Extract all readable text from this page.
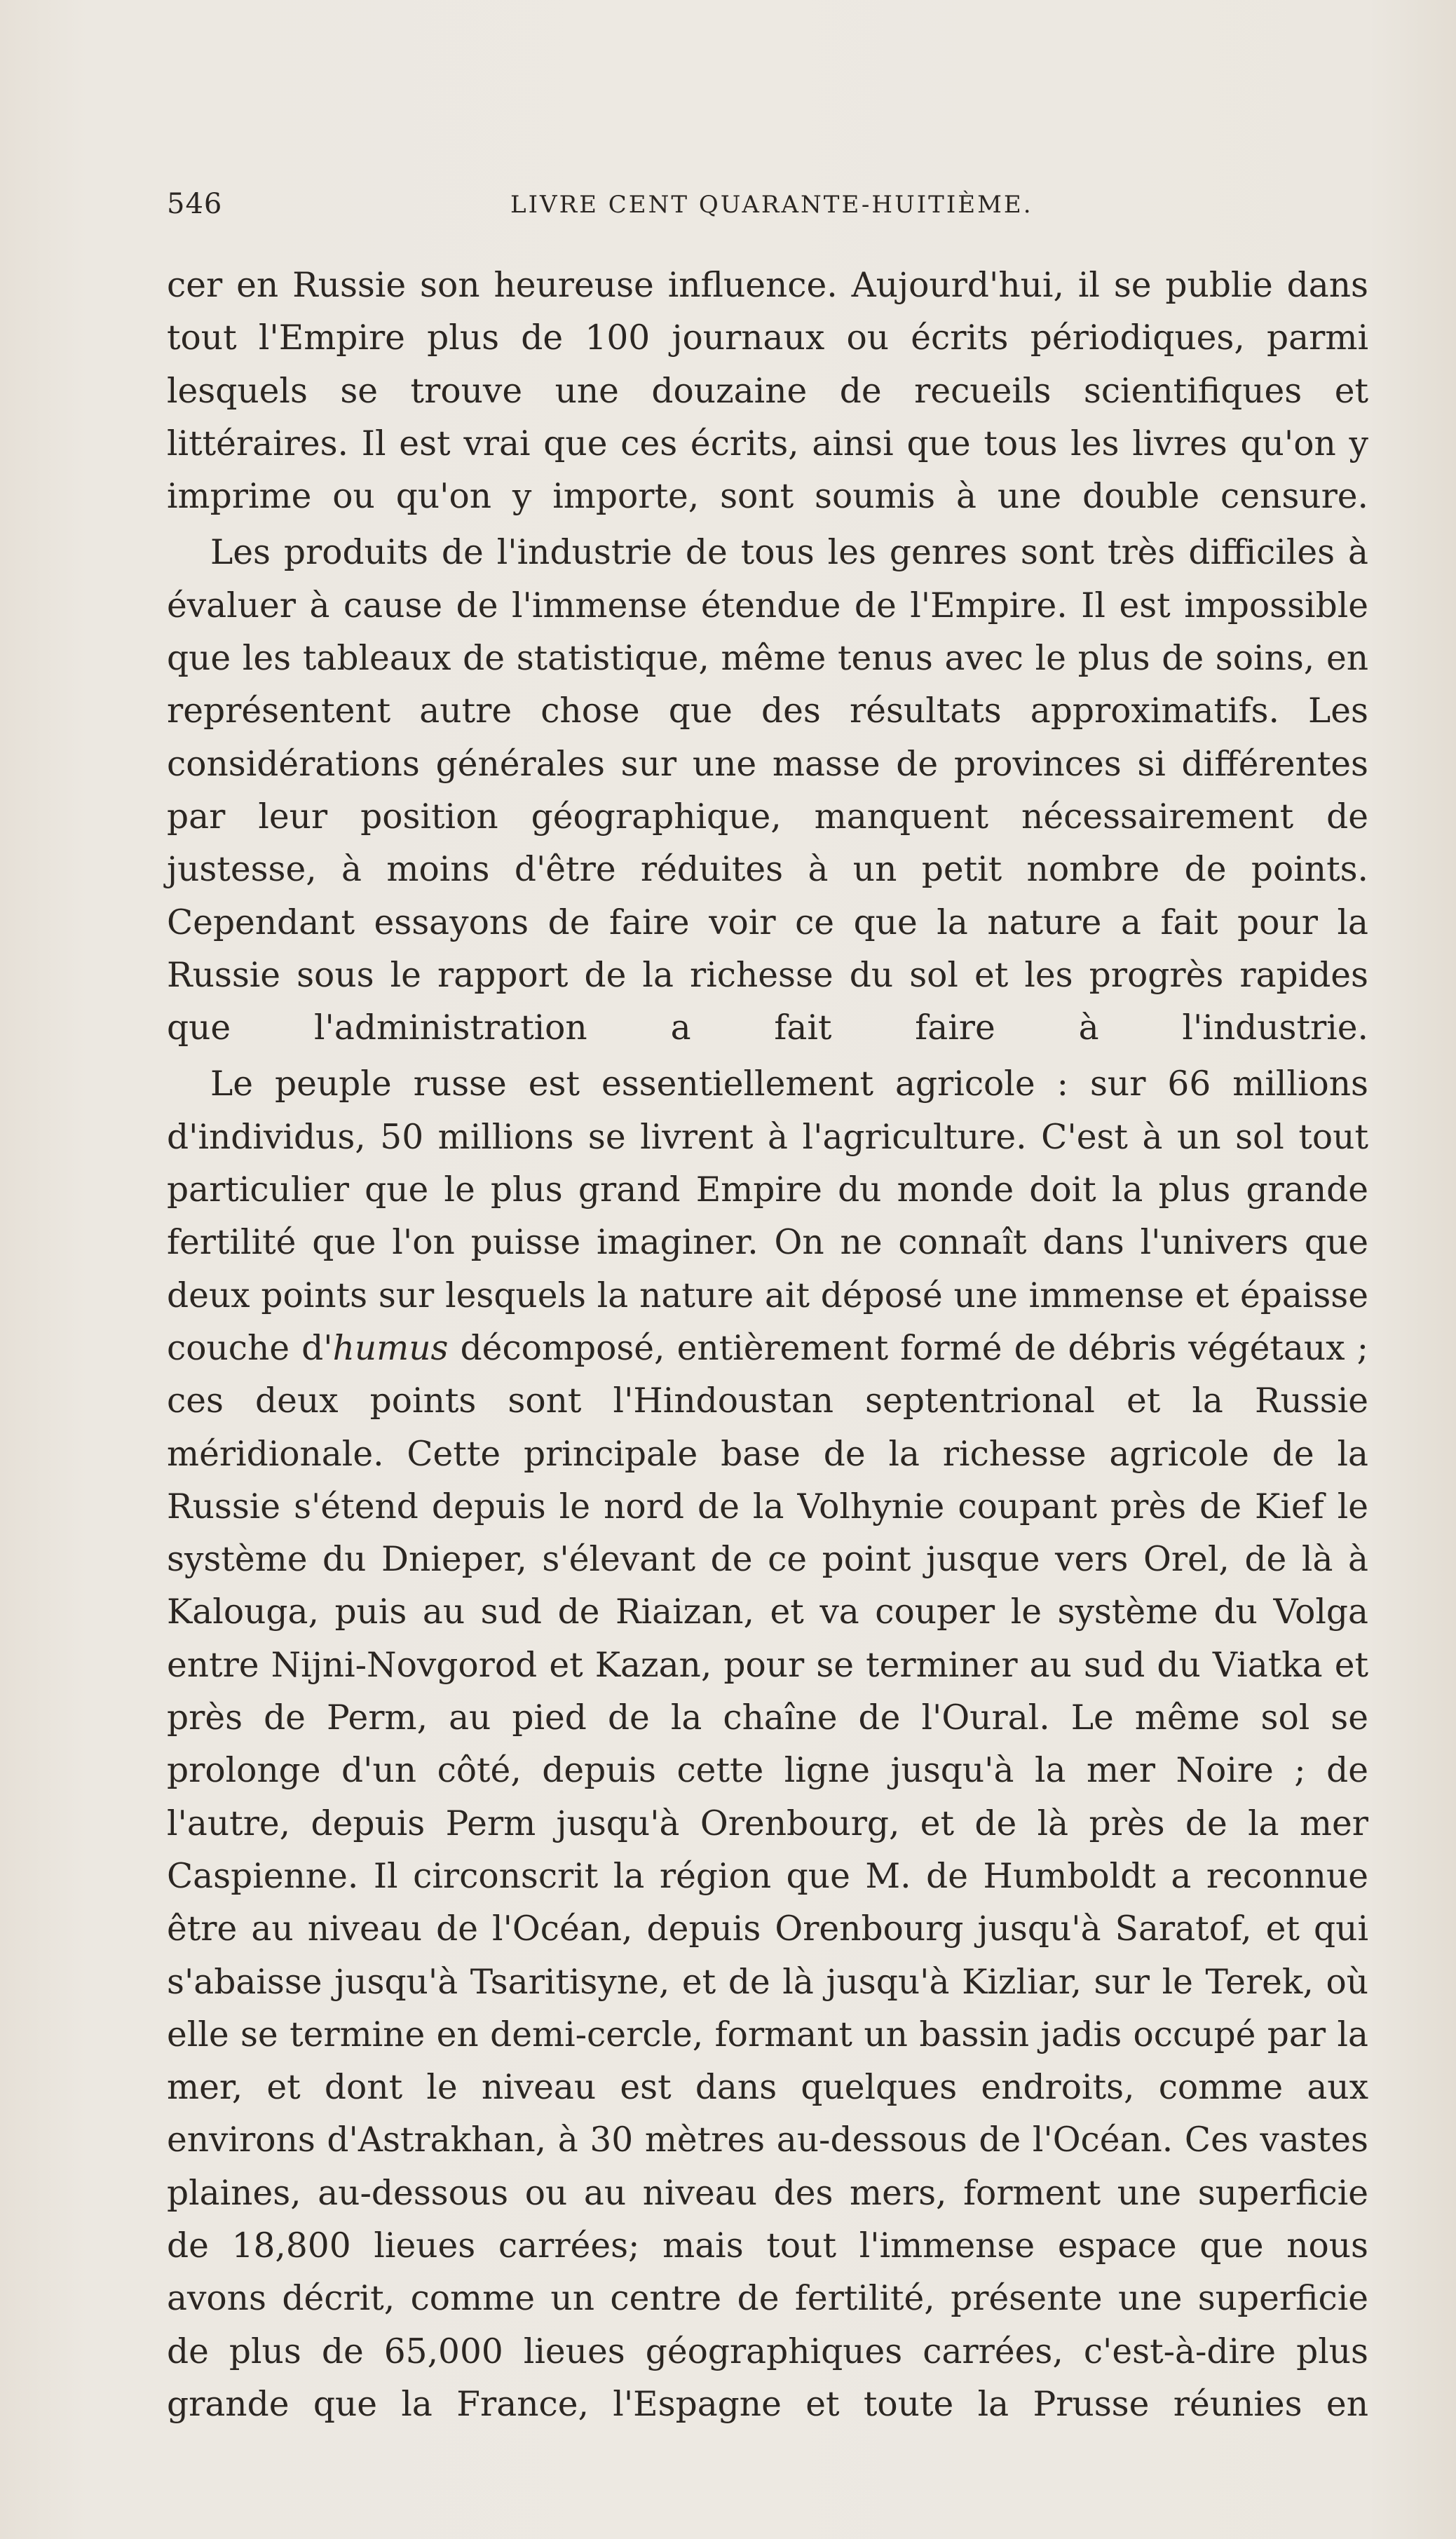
546	LIVRE CENT QUARANTE-HUITIÈME.

cer en Russie son heureuse influence. Aujourd'hui, il se publie dans tout l'Empire plus de 100 journaux ou écrits périodiques, parmi lesquels se trouve une douzaine de recueils scientifiques et littéraires. Il est vrai que ces écrits, ainsi que tous les livres qu'on y imprime ou qu'on y importe, sont soumis à une double censure.

Les produits de l'industrie de tous les genres sont très difficiles à évaluer à cause de l'immense étendue de l'Empire. Il est impossible que les tableaux de statistique, même tenus avec le plus de soins, en représentent autre chose que des résultats approximatifs. Les considérations générales sur une masse de provinces si différentes par leur position géographique, manquent nécessairement de justesse, à moins d'être réduites à un petit nombre de points. Cependant essayons de faire voir ce que la nature a fait pour la Russie sous le rapport de la richesse du sol et les progrès rapides que l'administration a fait faire à l'industrie.

Le peuple russe est essentiellement agricole : sur 66 millions d'individus, 50 millions se livrent à l'agriculture. C'est à un sol tout particulier que le plus grand Empire du monde doit la plus grande fertilité que l'on puisse imaginer. On ne connaît dans l'univers que deux points sur lesquels la nature ait déposé une immense et épaisse couche d'humus décomposé, entièrement formé de débris végétaux ; ces deux points sont l'Hindoustan septentrional et la Russie méridionale. Cette principale base de la richesse agricole de la Russie s'étend depuis le nord de la Volhynie coupant près de Kief le système du Dnieper, s'élevant de ce point jusque vers Orel, de là à Kalouga, puis au sud de Riaizan, et va couper le système du Volga entre Nijni-Novgorod et Kazan, pour se terminer au sud du Viatka et près de Perm, au pied de la chaîne de l'Oural. Le même sol se prolonge d'un côté, depuis cette ligne jusqu'à la mer Noire ; de l'autre, depuis Perm jusqu'à Orenbourg, et de là près de la mer Caspienne. Il circonscrit la région que M. de Humboldt a reconnue être au niveau de l'Océan, depuis Orenbourg jusqu'à Saratof, et qui s'abaisse jusqu'à Tsaritisyne, et de là jusqu'à Kizliar, sur le Terek, où elle se termine en demi-cercle, formant un bassin jadis occupé par la mer, et dont le niveau est dans quelques endroits, comme aux environs d'Astrakhan, à 30 mètres au-dessous de l'Océan. Ces vastes plaines, au-dessous ou au niveau des mers, forment une superficie de 18,800 lieues carrées; mais tout l'immense espace que nous avons décrit, comme un centre de fertilité, présente une superficie de plus de 65,000 lieues géographiques carrées, c'est-à-dire plus grande que la France, l'Espagne et toute la Prusse réunies en
